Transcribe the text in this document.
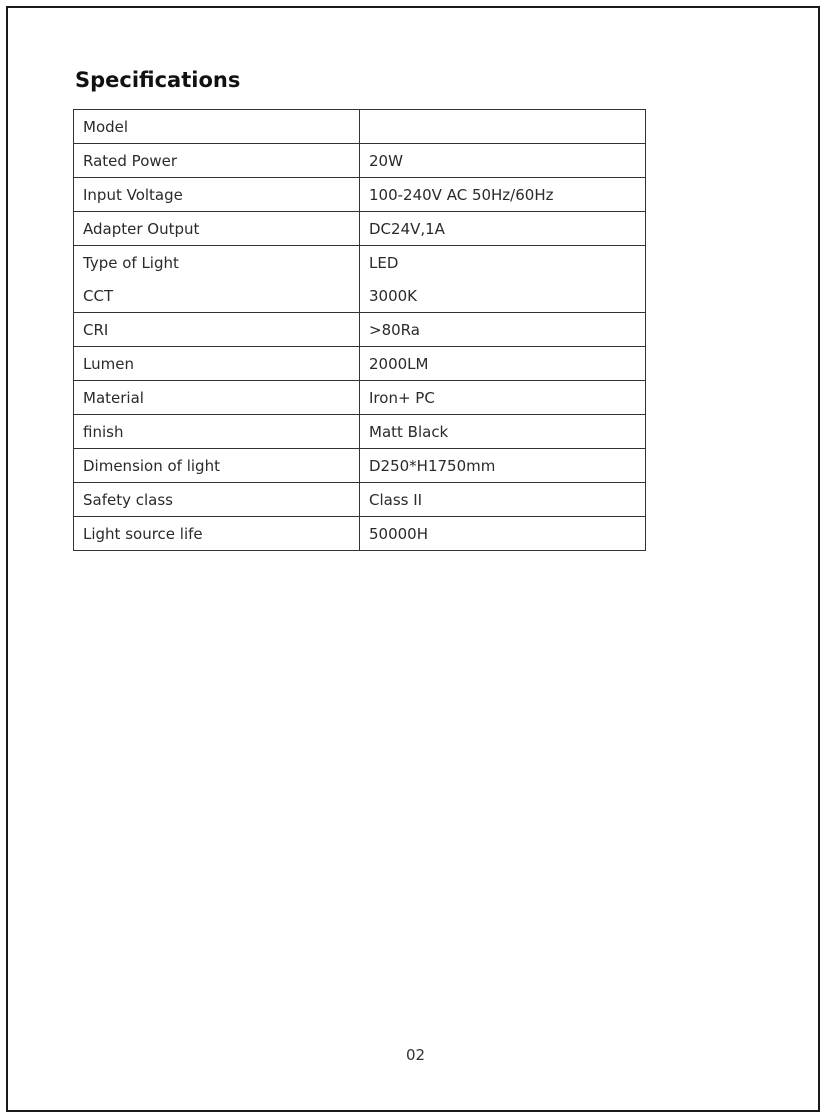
Specifications
Model	
Rated Power	20W
Input Voltage	100-240V AC 50Hz/60Hz
Adapter Output	DC24V,1A
Type of Light	LED
CCT	3000K
CRI	>80Ra
Lumen	2000LM
Material	Iron+ PC
finish	Matt Black
Dimension of light	D250*H1750mm
Safety class	Class II
Light source life	50000H
02
